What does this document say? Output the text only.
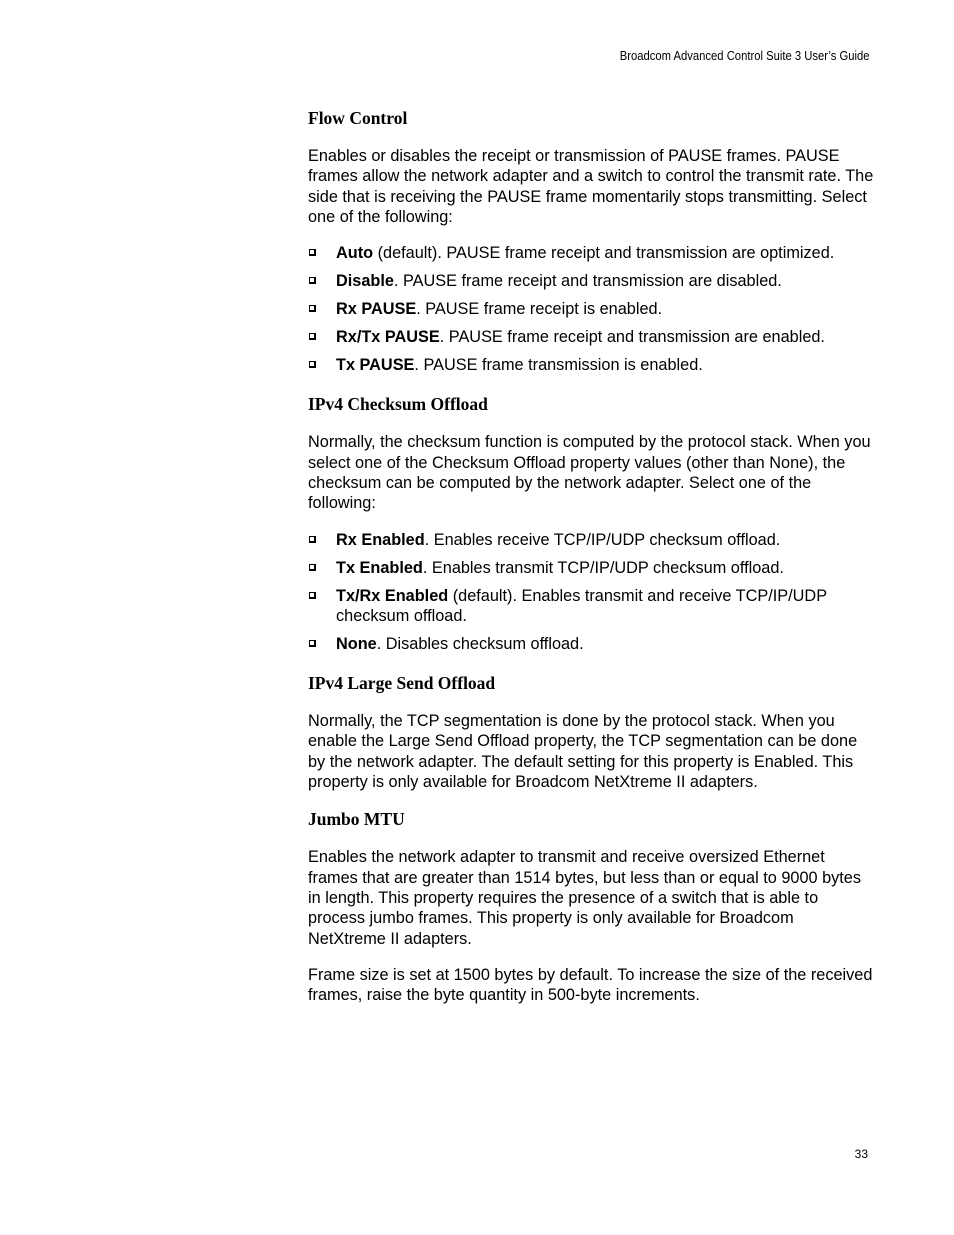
Broadcom Advanced Control Suite 3 User’s Guide
Flow Control

Enables or disables the receipt or transmission of PAUSE frames. PAUSE frames allow the network adapter and a switch to control the transmit rate. The side that is receiving the PAUSE frame momentarily stops transmitting. Select one of the following:

Auto (default). PAUSE frame receipt and transmission are optimized.
Disable. PAUSE frame receipt and transmission are disabled.
Rx PAUSE. PAUSE frame receipt is enabled.
Rx/Tx PAUSE. PAUSE frame receipt and transmission are enabled.
Tx PAUSE. PAUSE frame transmission is enabled.
IPv4 Checksum Offload

Normally, the checksum function is computed by the protocol stack. When you select one of the Checksum Offload property values (other than None), the checksum can be computed by the network adapter. Select one of the following:

Rx Enabled. Enables receive TCP/IP/UDP checksum offload.
Tx Enabled. Enables transmit TCP/IP/UDP checksum offload.
Tx/Rx Enabled (default). Enables transmit and receive TCP/IP/UDP checksum offload.
None. Disables checksum offload.
IPv4 Large Send Offload

Normally, the TCP segmentation is done by the protocol stack. When you enable the Large Send Offload property, the TCP segmentation can be done by the network adapter. The default setting for this property is Enabled. This property is only available for Broadcom NetXtreme II adapters.

Jumbo MTU

Enables the network adapter to transmit and receive oversized Ethernet frames that are greater than 1514 bytes, but less than or equal to 9000 bytes in length. This property requires the presence of a switch that is able to process jumbo frames. This property is only available for Broadcom NetXtreme II adapters.

Frame size is set at 1500 bytes by default. To increase the size of the received frames, raise the byte quantity in 500-byte increments.

33
